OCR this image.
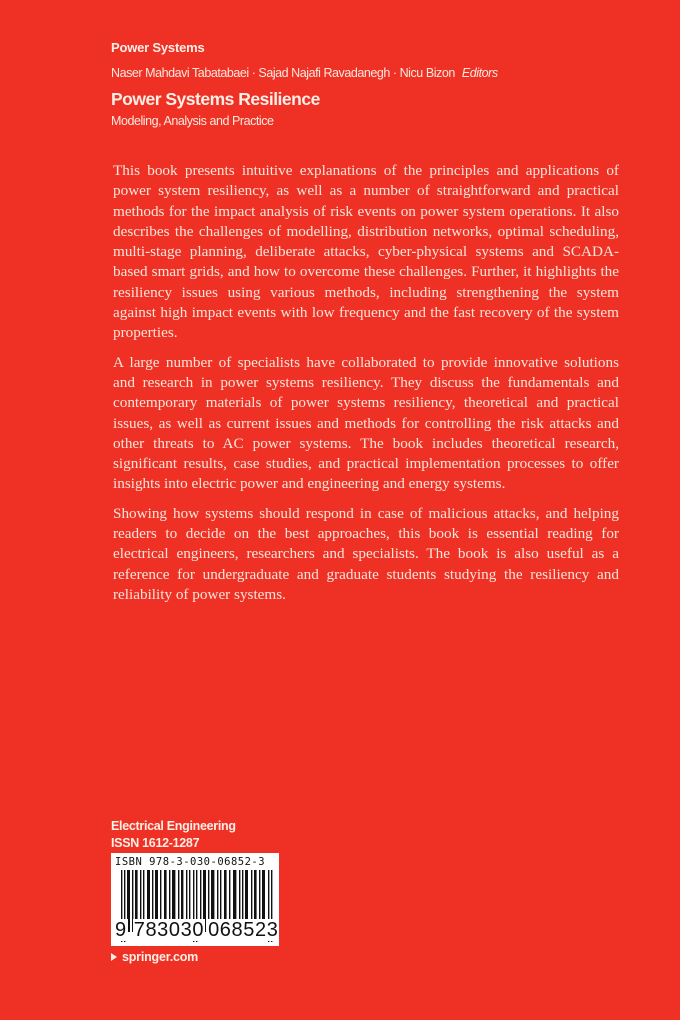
Power Systems
Naser Mahdavi Tabatabaei · Sajad Najafi Ravadanegh · Nicu Bizon Editors
Power Systems Resilience
Modeling, Analysis and Practice

This book presents intuitive explanations of the principles and applications of power system resiliency, as well as a number of straightforward and practical methods for the impact analysis of risk events on power system operations. It also describes the challenges of modelling, distribution networks, optimal scheduling, multi-stage planning, deliberate attacks, cyber-physical systems and SCADA-based smart grids, and how to overcome these challenges. Further, it highlights the resiliency issues using various methods, including strengthening the system against high impact events with low frequency and the fast recovery of the system properties.

A large number of specialists have collaborated to provide innovative solutions and research in power systems resiliency. They discuss the fundamentals and contemporary materials of power systems resiliency, theoretical and practical issues, as well as current issues and methods for controlling the risk attacks and other threats to AC power systems. The book includes theoretical research, significant results, case studies, and practical implementation processes to offer insights into electric power and engineering and energy systems.

Showing how systems should respond in case of malicious attacks, and helping readers to decide on the best approaches, this book is essential reading for electrical engineers, researchers and specialists. The book is also useful as a reference for undergraduate and graduate students studying the resiliency and reliability of power systems.

Electrical Engineering
ISSN 1612-1287
ISBN 978-3-030-06852-3
9 783030 068523
springer.com
